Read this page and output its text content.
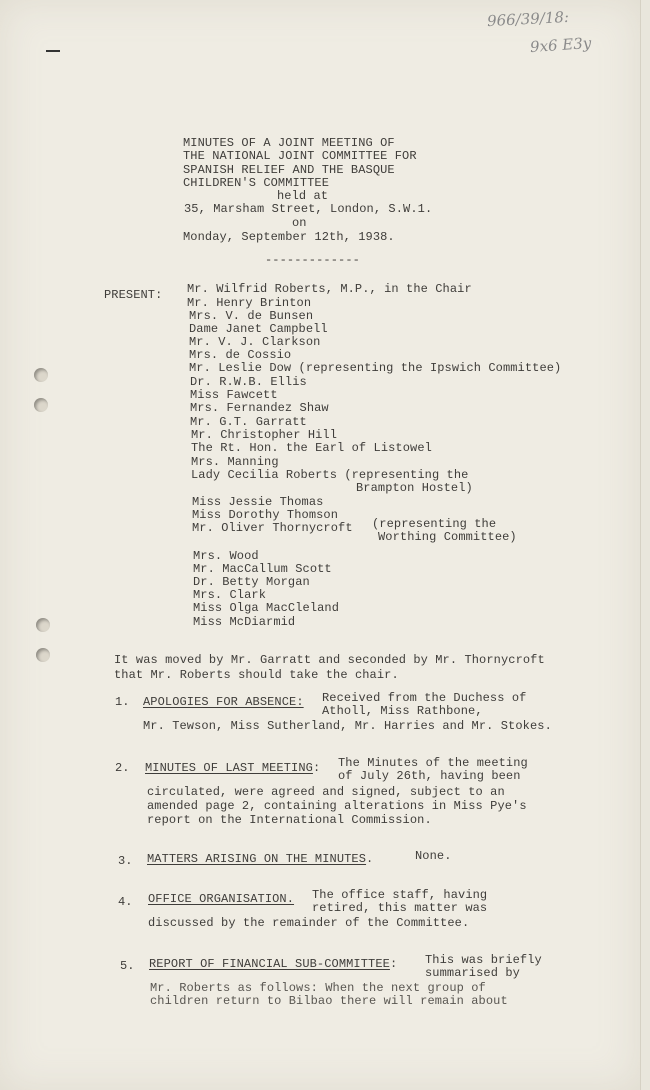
966/39/18:
9x6 E3y
MINUTES OF A JOINT MEETING OF
THE NATIONAL JOINT COMMITTEE FOR
SPANISH RELIEF AND THE BASQUE
CHILDREN'S COMMITTEE
held at
35, Marsham Street, London, S.W.1.
on
Monday, September 12th, 1938.
-------------
PRESENT: Mr. Wilfrid Roberts, M.P., in the Chair
Mr. Henry Brinton
Mrs. V. de Bunsen
Dame Janet Campbell
Mr. V. J. Clarkson
Mrs. de Cossio
Mr. Leslie Dow (representing the Ipswich Committee)
Dr. R.W.B. Ellis
Miss Fawcett
Mrs. Fernandez Shaw
Mr. G.T. Garratt
Mr. Christopher Hill
The Rt. Hon. the Earl of Listowel
Mrs. Manning
Lady Cecilia Roberts (representing the
Brampton Hostel)
Miss Jessie Thomas
Miss Dorothy Thomson
Mr. Oliver Thornycroft (representing the
Worthing Committee)
Mrs. Wood
Mr. MacCallum Scott
Dr. Betty Morgan
Mrs. Clark
Miss Olga MacCleland
Miss McDiarmid
It was moved by Mr. Garratt and seconded by Mr. Thornycroft
that Mr. Roberts should take the chair.
1. APOLOGIES FOR ABSENCE: Received from the Duchess of
Atholl, Miss Rathbone,
Mr. Tewson, Miss Sutherland, Mr. Harries and Mr. Stokes.
2. MINUTES OF LAST MEETING: The Minutes of the meeting
of July 26th, having been
circulated, were agreed and signed, subject to an
amended page 2, containing alterations in Miss Pye's
report on the International Commission.
3. MATTERS ARISING ON THE MINUTES.	None.
4. OFFICE ORGANISATION. The office staff, having
retired, this matter was
discussed by the remainder of the Committee.
5. REPORT OF FINANCIAL SUB-COMMITTEE: This was briefly
summarised by
Mr. Roberts as follows: When the next group of
children return to Bilbao there will remain about
